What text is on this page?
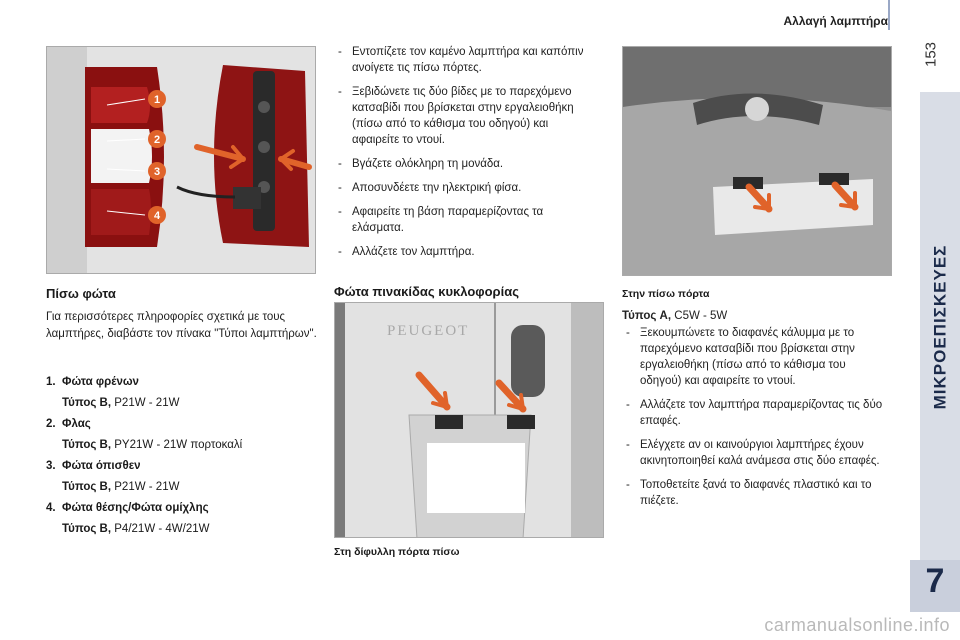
Αλλαγή λαμπτήρα
153
ΜΙΚΡΟΕΠΙΣΚΕΥΕΣ
7
1
2
3
4
Πίσω φώτα
Για περισσότερες πληροφορίες σχετικά με τους λαμπτήρες, διαβάστε τον πίνακα "Τύποι λαμπτήρων".
1. Φώτα φρένων
Τύπος B, P21W - 21W
2. Φλας
Τύπος B, PY21W - 21W πορτοκαλί
3. Φώτα όπισθεν
Τύπος B, P21W - 21W
4. Φώτα θέσης/Φώτα ομίχλης
Τύπος B, P4/21W - 4W/21W
- Εντοπίζετε τον καμένο λαμπτήρα και καπόπιν ανοίγετε τις πίσω πόρτες.
- Ξεβιδώνετε τις δύο βίδες με το παρεχόμενο κατσαβίδι που βρίσκεται στην εργαλειοθήκη (πίσω από το κάθισμα του οδηγού) και αφαιρείτε το ντουί.
- Βγάζετε ολόκληρη τη μονάδα.
- Αποσυνδέετε την ηλεκτρική φίσα.
- Αφαιρείτε τη βάση παραμερίζοντας τα ελάσματα.
- Αλλάζετε τον λαμπτήρα.
Φώτα πινακίδας κυκλοφορίας
PEUGEOT
Στη δίφυλλη πόρτα πίσω
Στην πίσω πόρτα
Τύπος A, C5W - 5W
- Ξεκουμπώνετε το διαφανές κάλυμμα με το παρεχόμενο κατσαβίδι που βρίσκεται στην εργαλειοθήκη (πίσω από το κάθισμα του οδηγού) και αφαιρείτε το ντουί.
- Αλλάζετε τον λαμπτήρα παραμερίζοντας τις δύο επαφές.
- Ελέγχετε αν οι καινούργιοι λαμπτήρες έχουν ακινητοποιηθεί καλά ανάμεσα στις δύο επαφές.
- Τοποθετείτε ξανά το διαφανές πλαστικό και το πιέζετε.
carmanualsonline.info
